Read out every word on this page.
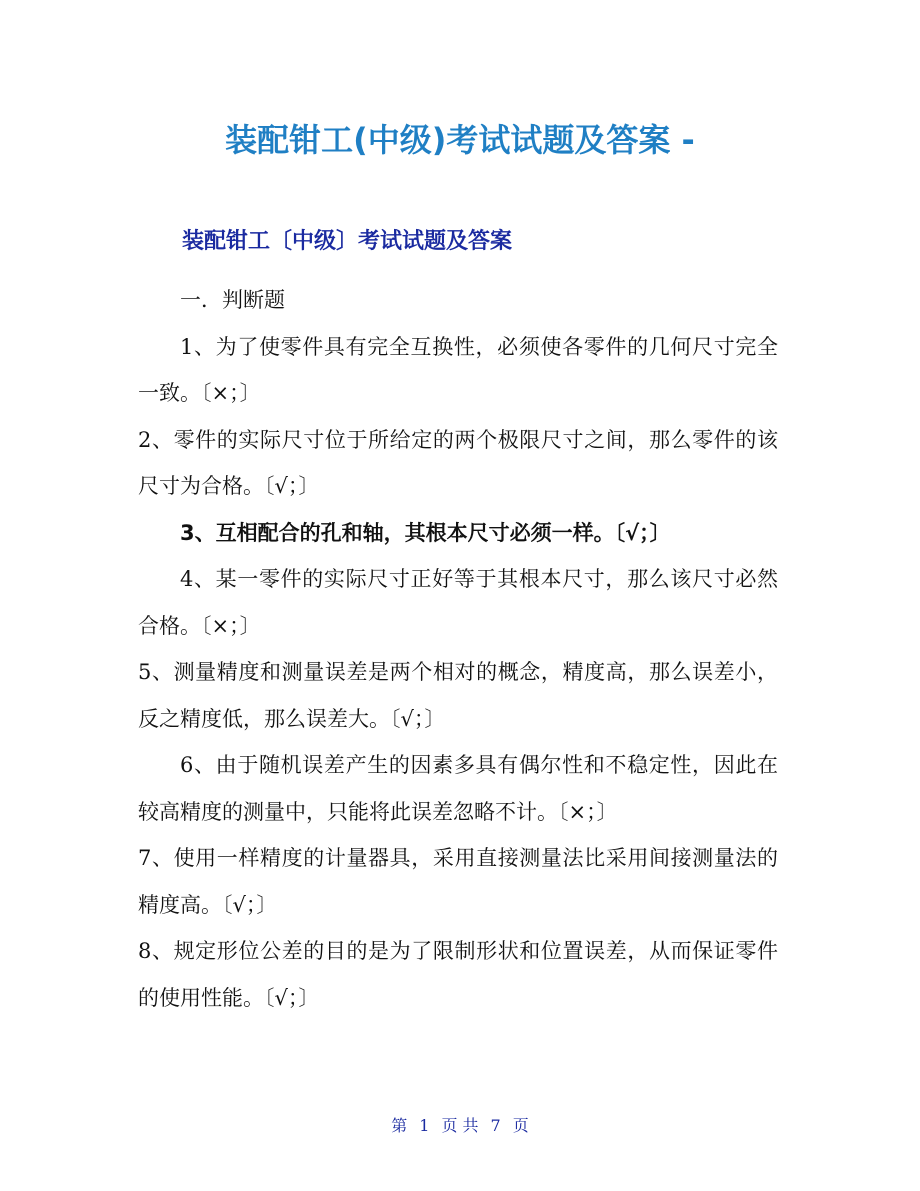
装配钳工(中级)考试试题及答案 -
装配钳工〔中级〕考试试题及答案

一．判断题

1、为了使零件具有完全互换性，必须使各零件的几何尺寸完全一致。〔×；〕

2、零件的实际尺寸位于所给定的两个极限尺寸之间，那么零件的该尺寸为合格。〔√；〕

3、互相配合的孔和轴，其根本尺寸必须一样。〔√；〕

4、某一零件的实际尺寸正好等于其根本尺寸，那么该尺寸必然合格。〔×；〕

5、测量精度和测量误差是两个相对的概念，精度高，那么误差小，反之精度低，那么误差大。〔√；〕

6、由于随机误差产生的因素多具有偶尔性和不稳定性，因此在较高精度的测量中，只能将此误差忽略不计。〔×；〕

7、使用一样精度的计量器具，采用直接测量法比采用间接测量法的精度高。〔√；〕

8、规定形位公差的目的是为了限制形状和位置误差，从而保证零件的使用性能。〔√；〕

第 1 页 共 7 页
